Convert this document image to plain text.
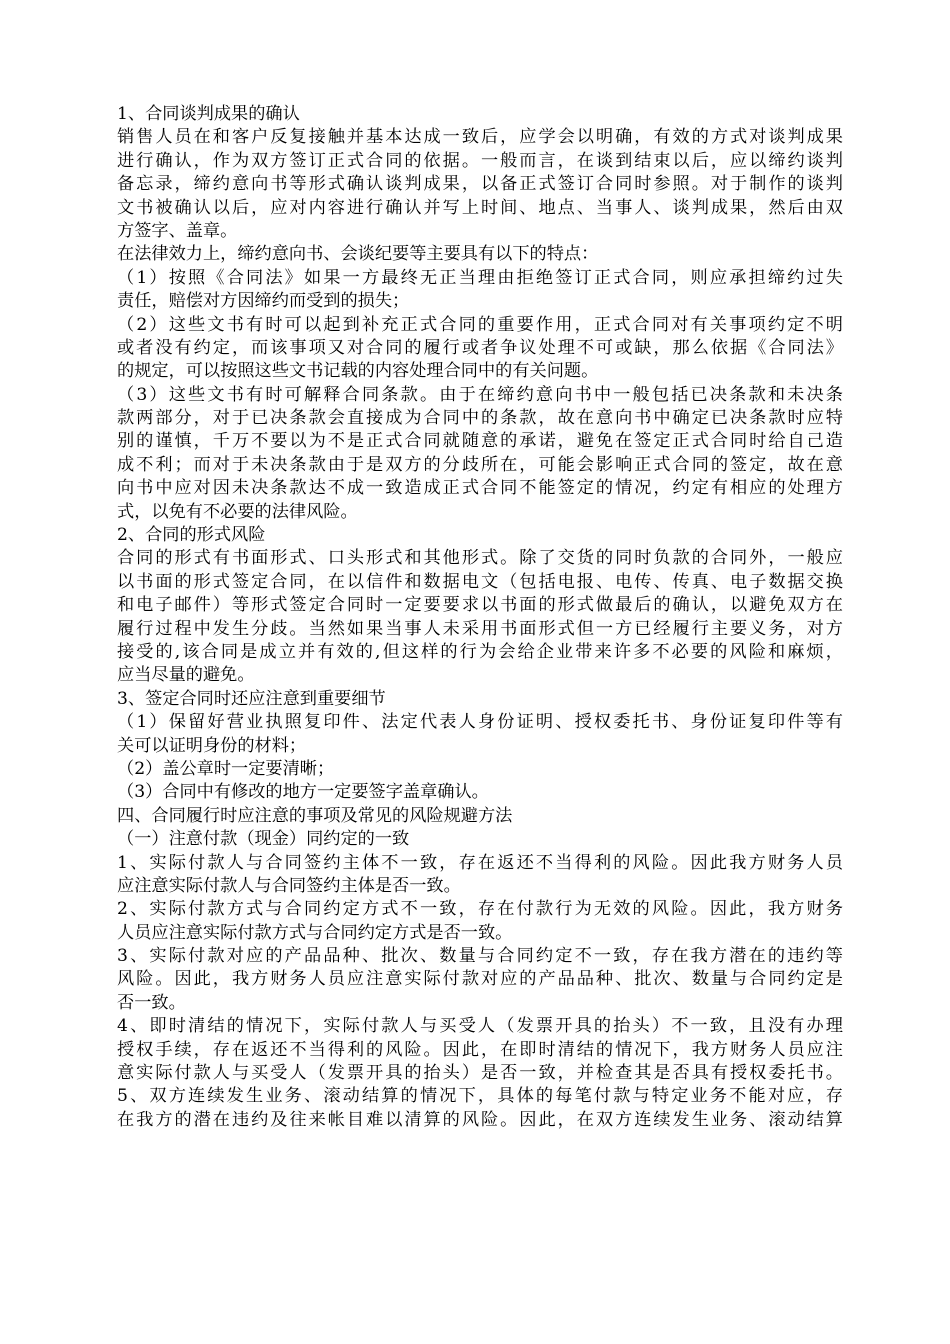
1、合同谈判成果的确认
销售人员在和客户反复接触并基本达成一致后，应学会以明确，有效的方式对谈判成果
进行确认，作为双方签订正式合同的依据。一般而言，在谈到结束以后，应以缔约谈判
备忘录，缔约意向书等形式确认谈判成果，以备正式签订合同时参照。对于制作的谈判
文书被确认以后，应对内容进行确认并写上时间、地点、当事人、谈判成果，然后由双
方签字、盖章。
在法律效力上，缔约意向书、会谈纪要等主要具有以下的特点：
（1）按照《合同法》如果一方最终无正当理由拒绝签订正式合同，则应承担缔约过失
责任，赔偿对方因缔约而受到的损失；
（2）这些文书有时可以起到补充正式合同的重要作用，正式合同对有关事项约定不明
或者没有约定，而该事项又对合同的履行或者争议处理不可或缺，那么依据《合同法》
的规定，可以按照这些文书记载的内容处理合同中的有关问题。
（3）这些文书有时可解释合同条款。由于在缔约意向书中一般包括已决条款和未决条
款两部分，对于已决条款会直接成为合同中的条款，故在意向书中确定已决条款时应特
别的谨慎，千万不要以为不是正式合同就随意的承诺，避免在签定正式合同时给自己造
成不利；而对于未决条款由于是双方的分歧所在，可能会影响正式合同的签定，故在意
向书中应对因未决条款达不成一致造成正式合同不能签定的情况，约定有相应的处理方
式，以免有不必要的法律风险。
2、合同的形式风险
合同的形式有书面形式、口头形式和其他形式。除了交货的同时负款的合同外，一般应
以书面的形式签定合同，在以信件和数据电文（包括电报、电传、传真、电子数据交换
和电子邮件）等形式签定合同时一定要要求以书面的形式做最后的确认，以避免双方在
履行过程中发生分歧。当然如果当事人未采用书面形式但一方已经履行主要义务，对方
接受的,该合同是成立并有效的,但这样的行为会给企业带来许多不必要的风险和麻烦，
应当尽量的避免。
3、签定合同时还应注意到重要细节
（1）保留好营业执照复印件、法定代表人身份证明、授权委托书、身份证复印件等有
关可以证明身份的材料；
（2）盖公章时一定要清晰；
（3）合同中有修改的地方一定要签字盖章确认。
四、合同履行时应注意的事项及常见的风险规避方法
（一）注意付款（现金）同约定的一致
1、实际付款人与合同签约主体不一致，存在返还不当得利的风险。因此我方财务人员
应注意实际付款人与合同签约主体是否一致。
2、实际付款方式与合同约定方式不一致，存在付款行为无效的风险。因此，我方财务
人员应注意实际付款方式与合同约定方式是否一致。
3、实际付款对应的产品品种、批次、数量与合同约定不一致，存在我方潜在的违约等
风险。因此，我方财务人员应注意实际付款对应的产品品种、批次、数量与合同约定是
否一致。
4、即时清结的情况下，实际付款人与买受人（发票开具的抬头）不一致，且没有办理
授权手续，存在返还不当得利的风险。因此，在即时清结的情况下，我方财务人员应注
意实际付款人与买受人（发票开具的抬头）是否一致，并检查其是否具有授权委托书。
5、双方连续发生业务、滚动结算的情况下，具体的每笔付款与特定业务不能对应，存
在我方的潜在违约及往来帐目难以清算的风险。因此，在双方连续发生业务、滚动结算
